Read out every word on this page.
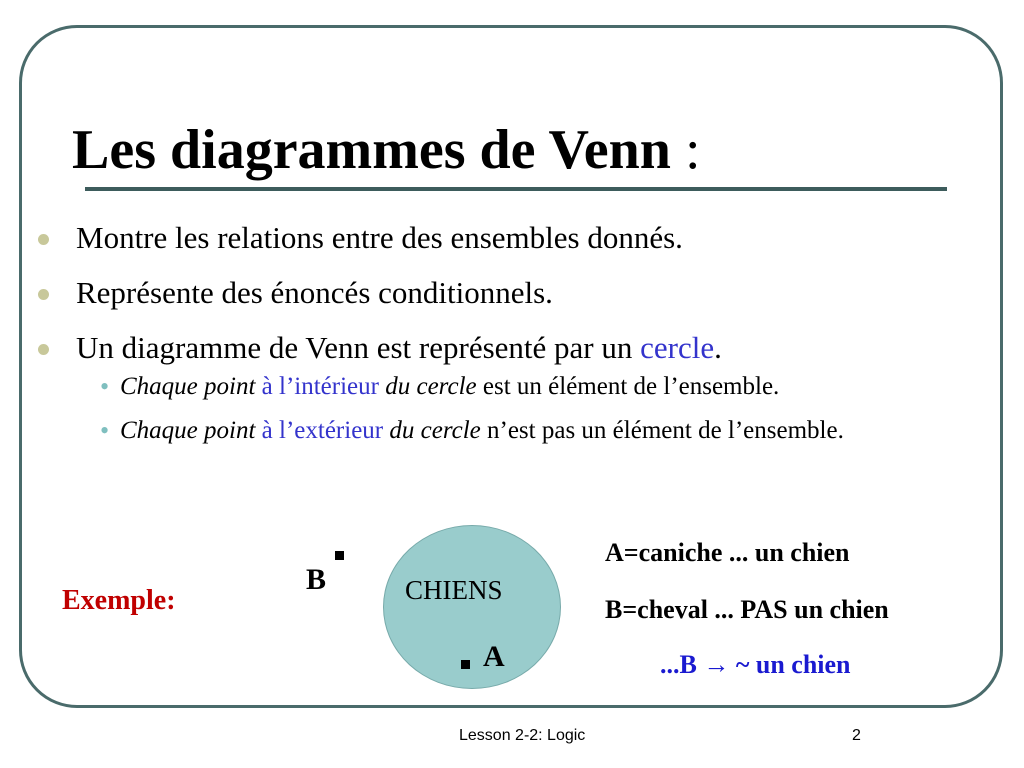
Les diagrammes de Venn :
Montre les relations entre des ensembles donnés.
Représente des énoncés conditionnels.
Un diagramme de Venn est représenté par un cercle.
• Chaque point à l’intérieur du cercle est un élément de l’ensemble.
• Chaque point à l’extérieur du cercle n’est pas un élément de l’ensemble.
Exemple:
B	CHIENS
A
A=caniche ... un chien
B=cheval ... PAS un chien
...B → ~ un chien
Lesson 2-2: Logic	2
